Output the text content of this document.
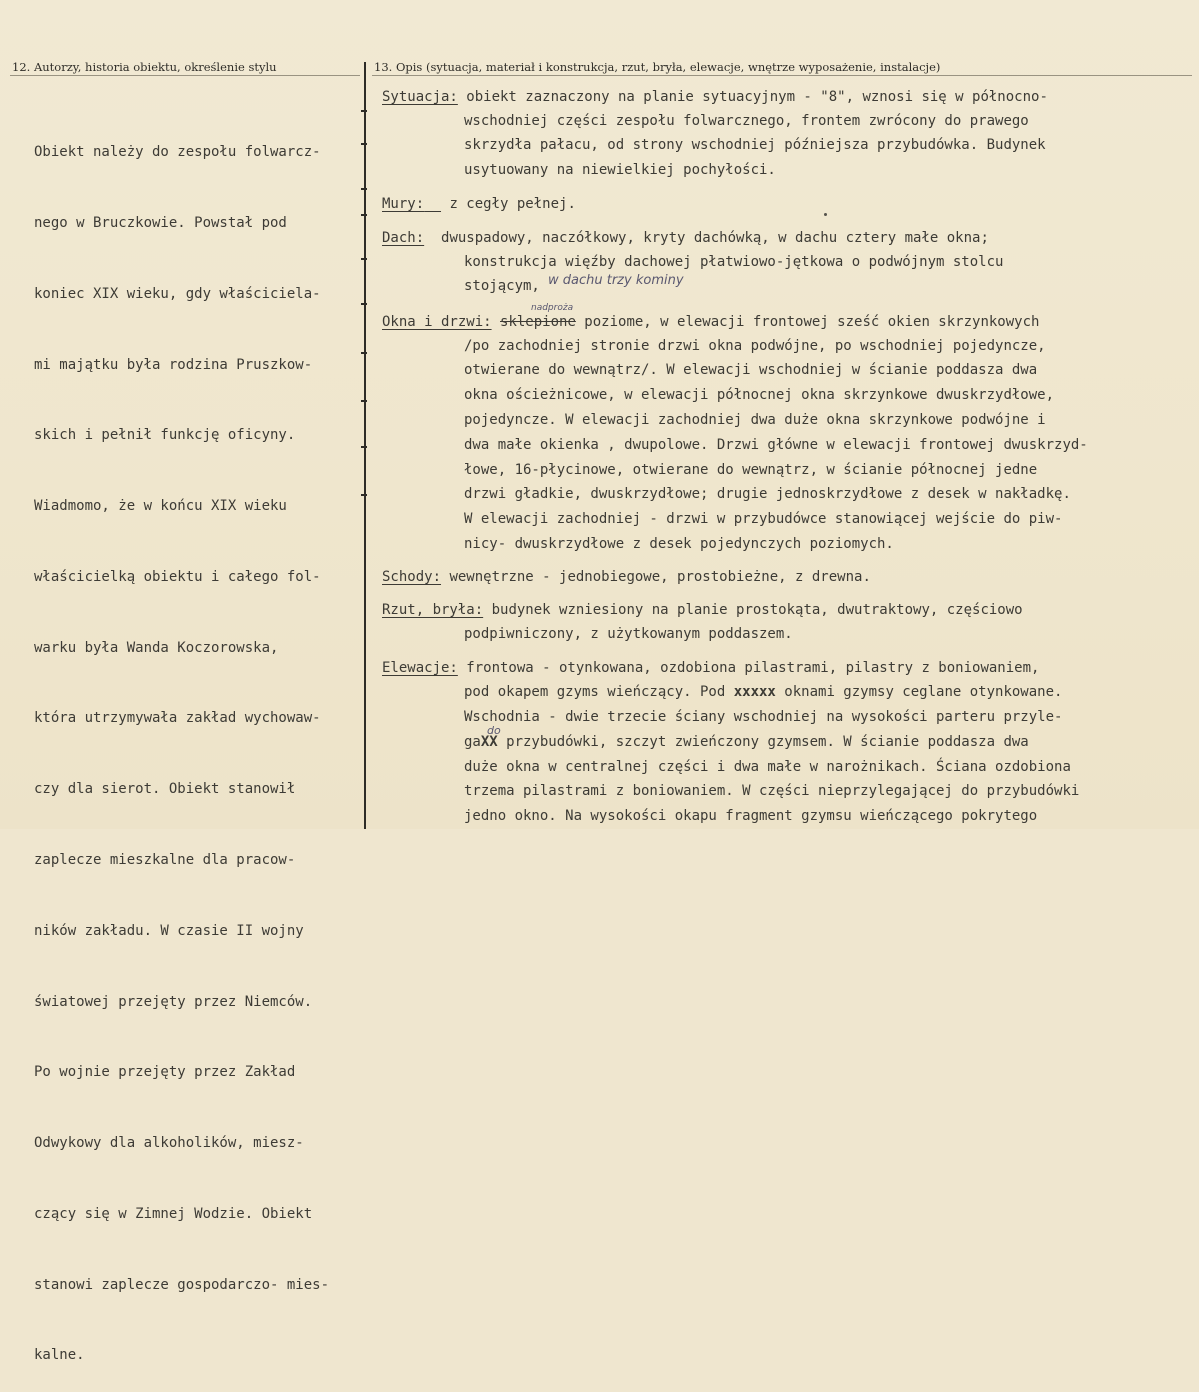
12. Autorzy, historia obiektu, określenie stylu	13. Opis (sytuacja, materiał i konstrukcja, rzut, bryła, elewacje, wnętrze wyposażenie, instalacje)

Obiekt należy do zespołu folwarcz-

nego w Bruczkowie. Powstał pod

koniec XIX wieku, gdy właściciela-

mi majątku była rodzina Pruszkow-

skich i pełnił funkcję oficyny.

Wiadmomo, że w końcu XIX wieku

właścicielką obiektu i całego fol-

warku była Wanda Koczorowska,

która utrzymywała zakład wychowaw-

czy dla sierot. Obiekt stanowił

zaplecze mieszkalne dla pracow-

ników zakładu. W czasie II wojny

światowej przejęty przez Niemców.

Po wojnie przejęty przez Zakład

Odwykowy dla alkoholików, miesz-

czący się w Zimnej Wodzie. Obiekt

stanowi zaplecze gospodarczo- mies-

kalne.

Sytuacja: obiekt zaznaczony na planie sytuacyjnym - "8", wznosi się w północno-
wschodniej części zespołu folwarcznego, frontem zwrócony do prawego
skrzydła pałacu, od strony wschodniej późniejsza przybudówka. Budynek
usytuowany na niewielkiej pochyłości.
Mury:   z cegły pełnej.
Dach:  dwuspadowy, naczółkowy, kryty dachówką, w dachu cztery małe okna;
konstrukcja więźby dachowej płatwiowo-jętkowa o podwójnym stolcu
stojącym, w dachu trzy kominy
nadproża
Okna i drzwi: sklepione poziome, w elewacji frontowej sześć okien skrzynkowych
/po zachodniej stronie drzwi okna podwójne, po wschodniej pojedyncze,
otwierane do wewnątrz/. W elewacji wschodniej w ścianie poddasza dwa
okna ościeżnicowe, w elewacji północnej okna skrzynkowe dwuskrzydłowe,
pojedyncze. W elewacji zachodniej dwa duże okna skrzynkowe podwójne i
dwa małe okienka , dwupolowe. Drzwi główne w elewacji frontowej dwuskrzyd-
łowe, 16-płycinowe, otwierane do wewnątrz, w ścianie północnej jedne
drzwi gładkie, dwuskrzydłowe; drugie jednoskrzydłowe z desek w nakładkę.
W elewacji zachodniej - drzwi w przybudówce stanowiącej wejście do piw-
nicy- dwuskrzydłowe z desek pojedynczych poziomych.
Schody: wewnętrzne - jednobiegowe, prostobieżne, z drewna.
Rzut, bryła: budynek wzniesiony na planie prostokąta, dwutraktowy, częściowo
podpiwniczony, z użytkowanym poddaszem.
Elewacje: frontowa - otynkowana, ozdobiona pilastrami, pilastry z boniowaniem,
pod okapem gzyms wieńczący. Pod xxxxx oknami gzymsy ceglane otynkowane.
Wschodnia - dwie trzecie ściany wschodniej na wysokości parteru przyle-
do
gaXX przybudówki, szczyt zwieńczony gzymsem. W ścianie poddasza dwa
duże okna w centralnej części i dwa małe w narożnikach. Ściana ozdobiona
trzema pilastrami z boniowaniem. W części nieprzylegającej do przybudówki
jedno okno. Na wysokości okapu fragment gzymsu wieńczącego pokrytego
